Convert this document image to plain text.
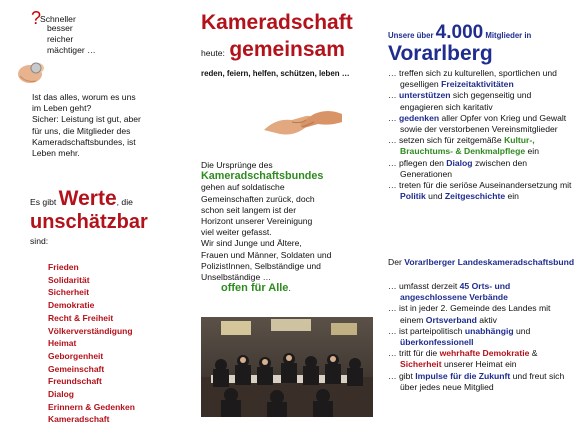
?
Schneller
besser
reicher
mächtiger …
Ist das alles, worum es uns
im Leben geht?
Sicher: Leistung ist gut, aber
für uns, die Mitglieder des
Kameradschaftsbundes, ist
Leben mehr.
Es gibt Werte, die
unschätzbar
sind:
Frieden
Solidarität
Sicherheit
Demokratie
Recht & Freiheit
Völkerverständigung
Heimat
Geborgenheit
Gemeinschaft
Freundschaft
Dialog
Erinnern & Gedenken
Kameradschaft
Kameradschaft
heute: gemeinsam
reden, feiern, helfen, schützen, leben …
Die Ursprünge des
Kameradschaftsbundes
gehen auf soldatische
Gemeinschaften zurück, doch
schon seit langem ist der
Horizont unserer Vereinigung
viel weiter gefasst.
Wir sind Junge und Ältere,
Frauen und Männer, Soldaten und
PolizistInnen, Selbständige und
Unselbständige …
offen für Alle.
Unsere über 4.000 Mitglieder in
Vorarlberg
… treffen sich zu kulturellen, sportlichen und geselligen Freizeitaktivitäten
… unterstützen sich gegenseitig und engagieren sich karitativ
… gedenken aller Opfer von Krieg und Gewalt sowie der verstorbenen Vereinsmitglieder
… setzen sich für zeitgemäße Kultur-, Brauchtums- & Denkmalpflege ein
… pflegen den Dialog zwischen den Generationen
… treten für die seriöse Auseinandersetzung mit Politik und Zeitgeschichte ein
Der Vorarlberger Landeskameradschaftsbund
… umfasst derzeit 45 Orts- und angeschlossene Verbände
… ist in jeder 2. Gemeinde des Landes mit einem Ortsverband aktiv
… ist parteipolitisch unabhängig und überkonfessionell
… tritt für die wehrhafte Demokratie & Sicherheit unserer Heimat ein
… gibt Impulse für die Zukunft und freut sich über jedes neue Mitglied
